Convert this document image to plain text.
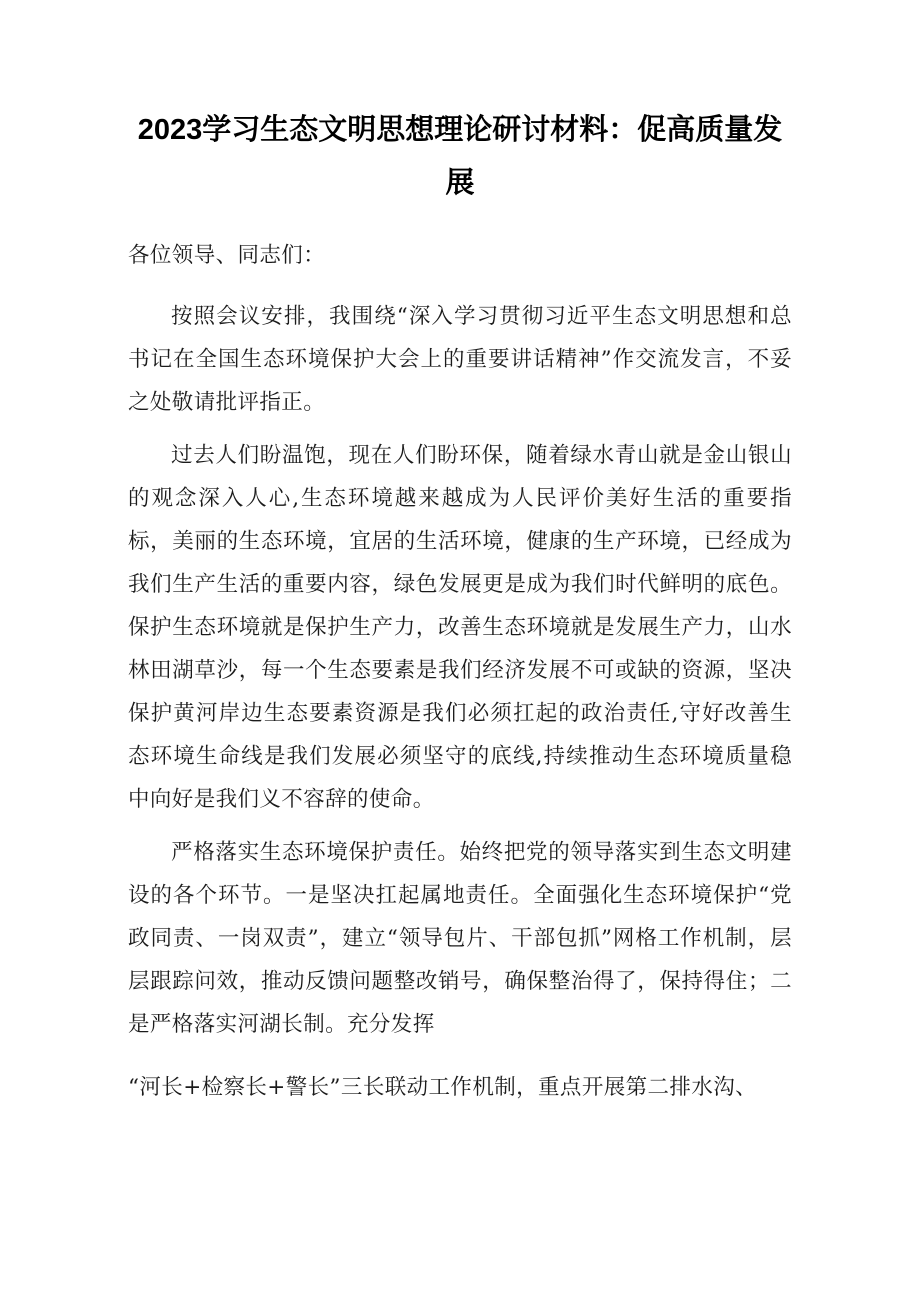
2023学习生态文明思想理论研讨材料：促高质量发展

各位领导、同志们：

按照会议安排，我围绕“深入学习贯彻习近平生态文明思想和总书记在全国生态环境保护大会上的重要讲话精神”作交流发言，不妥之处敬请批评指正。

过去人们盼温饱，现在人们盼环保，随着绿水青山就是金山银山的观念深入人心,生态环境越来越成为人民评价美好生活的重要指标，美丽的生态环境，宜居的生活环境，健康的生产环境，已经成为我们生产生活的重要内容，绿色发展更是成为我们时代鲜明的底色。保护生态环境就是保护生产力，改善生态环境就是发展生产力，山水林田湖草沙，每一个生态要素是我们经济发展不可或缺的资源，坚决保护黄河岸边生态要素资源是我们必须扛起的政治责任,守好改善生态环境生命线是我们发展必须坚守的底线,持续推动生态环境质量稳中向好是我们义不容辞的使命。

严格落实生态环境保护责任。始终把党的领导落实到生态文明建设的各个环节。一是坚决扛起属地责任。全面强化生态环境保护“党政同责、一岗双责”，建立“领导包片、干部包抓”网格工作机制，层层跟踪问效，推动反馈问题整改销号，确保整治得了，保持得住；二是严格落实河湖长制。充分发挥

“河长+检察长+警长”三长联动工作机制，重点开展第二排水沟、
